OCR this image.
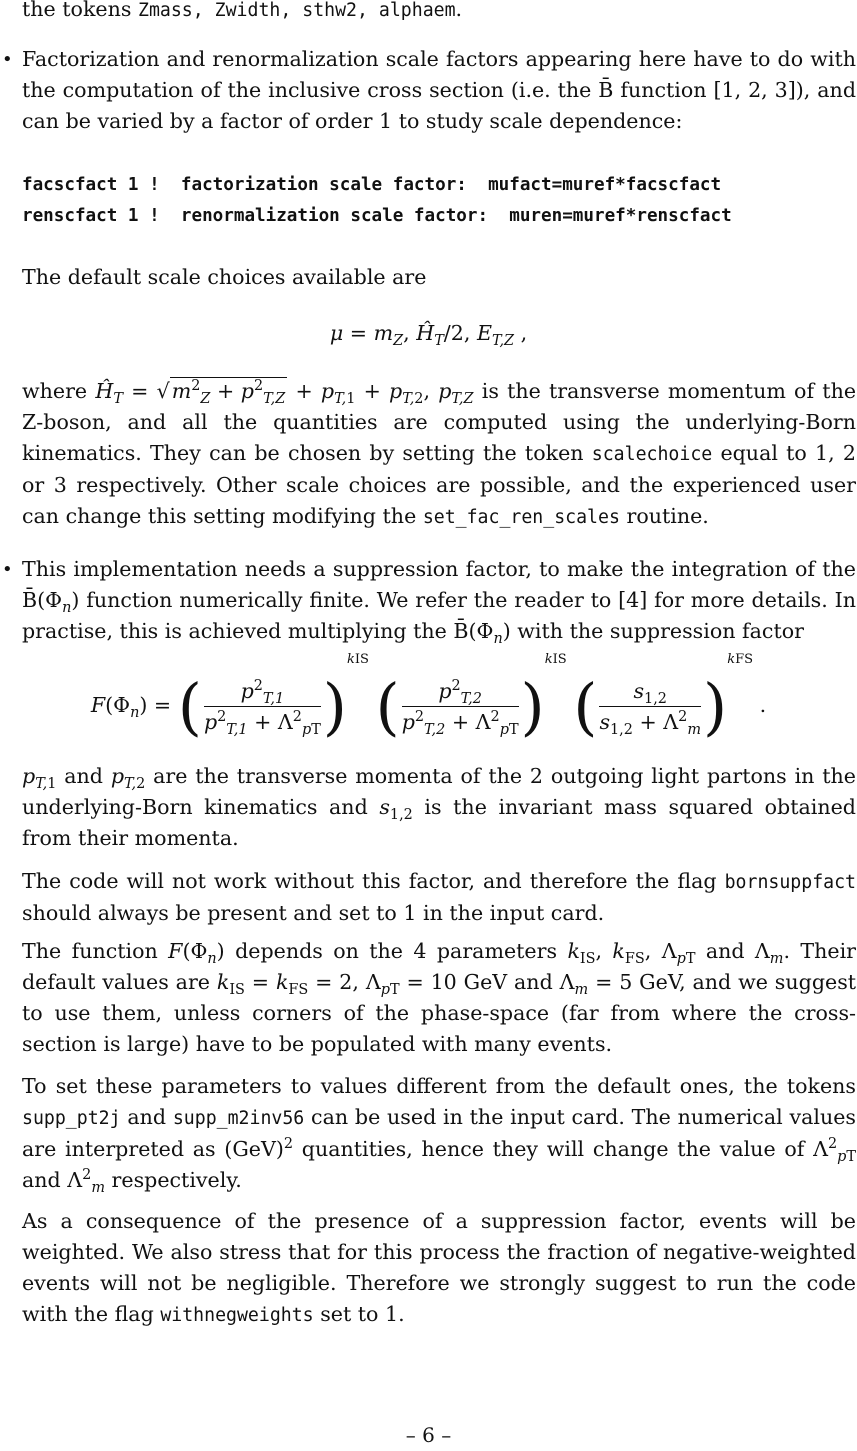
the tokens Zmass, Zwidth, sthw2, alphaem.
• Factorization and renormalization scale factors appearing here have to do with the computation of the inclusive cross section (i.e. the B̄ function [1, 2, 3]), and can be varied by a factor of order 1 to study scale dependence:
facscfact 1 !  factorization scale factor:  mufact=muref*facscfact
renscfact 1 !  renormalization scale factor:  muren=muref*renscfact
The default scale choices available are
$\mu = m_Z$, $Ĥ_T/2$, $E_{T,Z}$ ,
where $Ĥ_T = √m^2_Z + p^2_{T,Z} + p_{T,1} + p_{T,2}$, $p_{T,Z}$ is the transverse momentum of the Z-boson, and all the quantities are computed using the underlying-Born kinematics. They can be chosen by setting the token scalechoice equal to 1, 2 or 3 respectively. Other scale choices are possible, and the experienced user can change this setting modifying the set_fac_ren_scales routine.
• This implementation needs a suppression factor, to make the integration of the $B̄(\Phi_n)$ function numerically finite. We refer the reader to [4] for more details. In practise, this is achieved multiplying the $B̄(\Phi_n)$ with the suppression factor
$F(\Phi_n)$ = ( $\frac{p^2_{T,1}}{p^2_{T,1} + \Lambda^2_{pT}} )^{kIS}$ ( $\frac{p^2_{T,2}}{p^2_{T,2} + \Lambda^2_{pT}} )^{kIS}$ ( $\frac{s_{1,2}}{s_{1,2} + \Lambda^2_m} )^{kFS}$ .
$p_{T,1}$ and $p_{T,2}$ are the transverse momenta of the 2 outgoing light partons in the underlying-Born kinematics and $s_{1,2}$ is the invariant mass squared obtained from their momenta.
The code will not work without this factor, and therefore the flag bornsuppfact should always be present and set to 1 in the input card.
The function $F(\Phi_n)$ depends on the 4 parameters $k_{IS}$, $k_{FS}$, $\Lambda_{pT}$ and $\Lambda_m$. Their default values are $k_{IS} = k_{FS} = 2$, $\Lambda_{pT} = 10$ GeV and $\Lambda_m = 5$ GeV, and we suggest to use them, unless corners of the phase-space (far from where the cross-section is large) have to be populated with many events.
To set these parameters to values different from the default ones, the tokens supp_pt2j and supp_m2inv56 can be used in the input card. The numerical values are interpreted as (GeV)$^2$ quantities, hence they will change the value of $\Lambda^2_{pT}$ and $\Lambda^2_m$ respectively.
As a consequence of the presence of a suppression factor, events will be weighted. We also stress that for this process the fraction of negative-weighted events will not be negligible. Therefore we strongly suggest to run the code with the flag withnegweights set to 1.
– 6 –
